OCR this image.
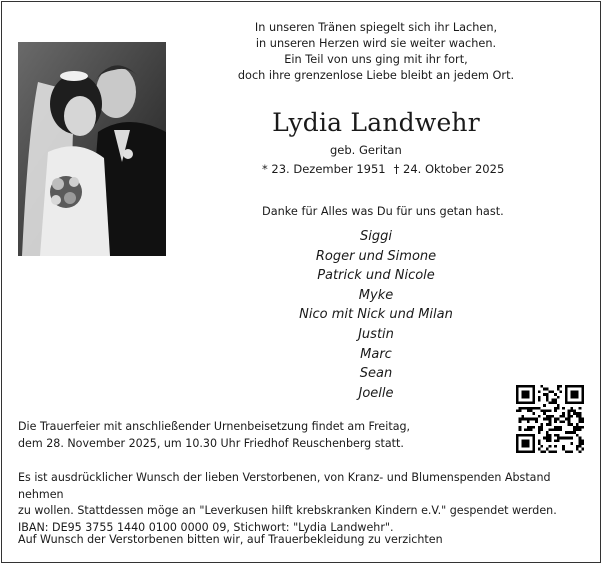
In unseren Tränen spiegelt sich ihr Lachen,
in unseren Herzen wird sie weiter wachen.
Ein Teil von uns ging mit ihr fort,
doch ihre grenzenlose Liebe bleibt an jedem Ort.
Lydia Landwehr
geb. Geritan
* 23. Dezember 1951 † 24. Oktober 2025
Danke für Alles was Du für uns getan hast.
Siggi
Roger und Simone
Patrick und Nicole
Myke
Nico mit Nick und Milan
Justin
Marc
Sean
Joelle
Die Trauerfeier mit anschließender Urnenbeisetzung findet am Freitag,
dem 28. November 2025, um 10.30 Uhr Friedhof Reuschenberg statt.
Es ist ausdrücklicher Wunsch der lieben Verstorbenen, von Kranz- und Blumenspenden Abstand nehmen
zu wollen. Stattdessen möge an "Leverkusen hilft krebskranken Kindern e.V." gespendet werden.
IBAN: DE95 3755 1440 0100 0000 09, Stichwort: "Lydia Landwehr".
Auf Wunsch der Verstorbenen bitten wir, auf Trauerbekleidung zu verzichten
